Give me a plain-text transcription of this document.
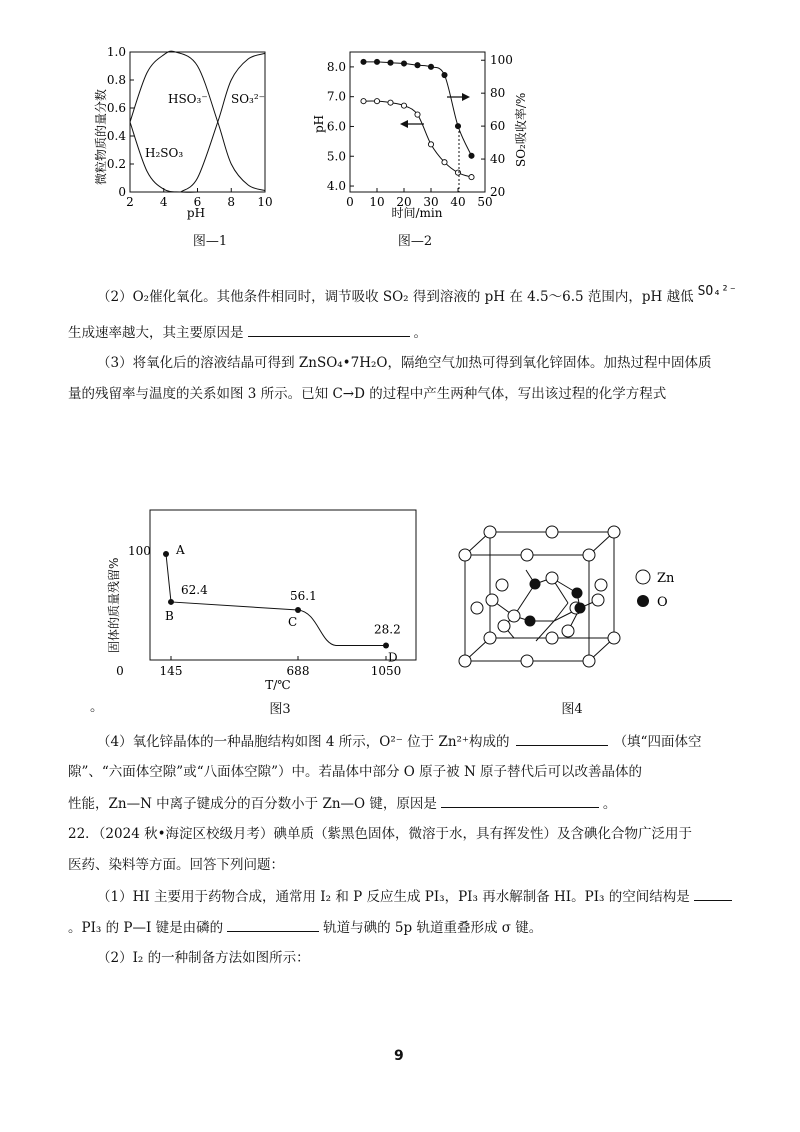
0
0.2
0.4
0.6
0.8
1.0
2 4 6 8 10
HSO₃⁻ SO₃²⁻
H₂SO₃
pH
微粒物质的量分数
图—1
4.0
5.0
6.0
7.0
8.0
20
40
60
80
100
0 10 20 30 40 50
时间/min
pH	SO₂吸收率/%
图—2
（2）O₂催化氧化。其他条件相同时，调节吸收 SO₂ 得到溶液的 pH 在 4.5～6.5 范围内，pH 越低 SO₄²⁻
生成速率越大，其主要原因是	。
（3）将氧化后的溶液结晶可得到 ZnSO₄•7H₂O，隔绝空气加热可得到氧化锌固体。加热过程中固体质
量的残留率与温度的关系如图 3 所示。已知 C→D 的过程中产生两种气体，写出该过程的化学方程式
A
B
62.4
C
56.1
D
28.2
100
0	145	688	1050
T/℃
固体的质量残留%
图3
。
Zn
O
图4
（4）氧化锌晶体的一种晶胞结构如图 4 所示，O²⁻ 位于 Zn²⁺构成的	（填“四面体空
隙”、“六面体空隙”或“八面体空隙”）中。若晶体中部分 O 原子被 N 原子替代后可以改善晶体的
性能，Zn—N 中离子键成分的百分数小于 Zn—O 键，原因是	。
22．（2024 秋•海淀区校级月考）碘单质（紫黑色固体，微溶于水，具有挥发性）及含碘化合物广泛用于
医药、染料等方面。回答下列问题：
（1）HI 主要用于药物合成，通常用 I₂ 和 P 反应生成 PI₃，PI₃ 再水解制备 HI。PI₃ 的空间结构是
。PI₃ 的 P—I 键是由磷的	轨道与碘的 5p 轨道重叠形成 σ 键。
（2）I₂ 的一种制备方法如图所示：
9
